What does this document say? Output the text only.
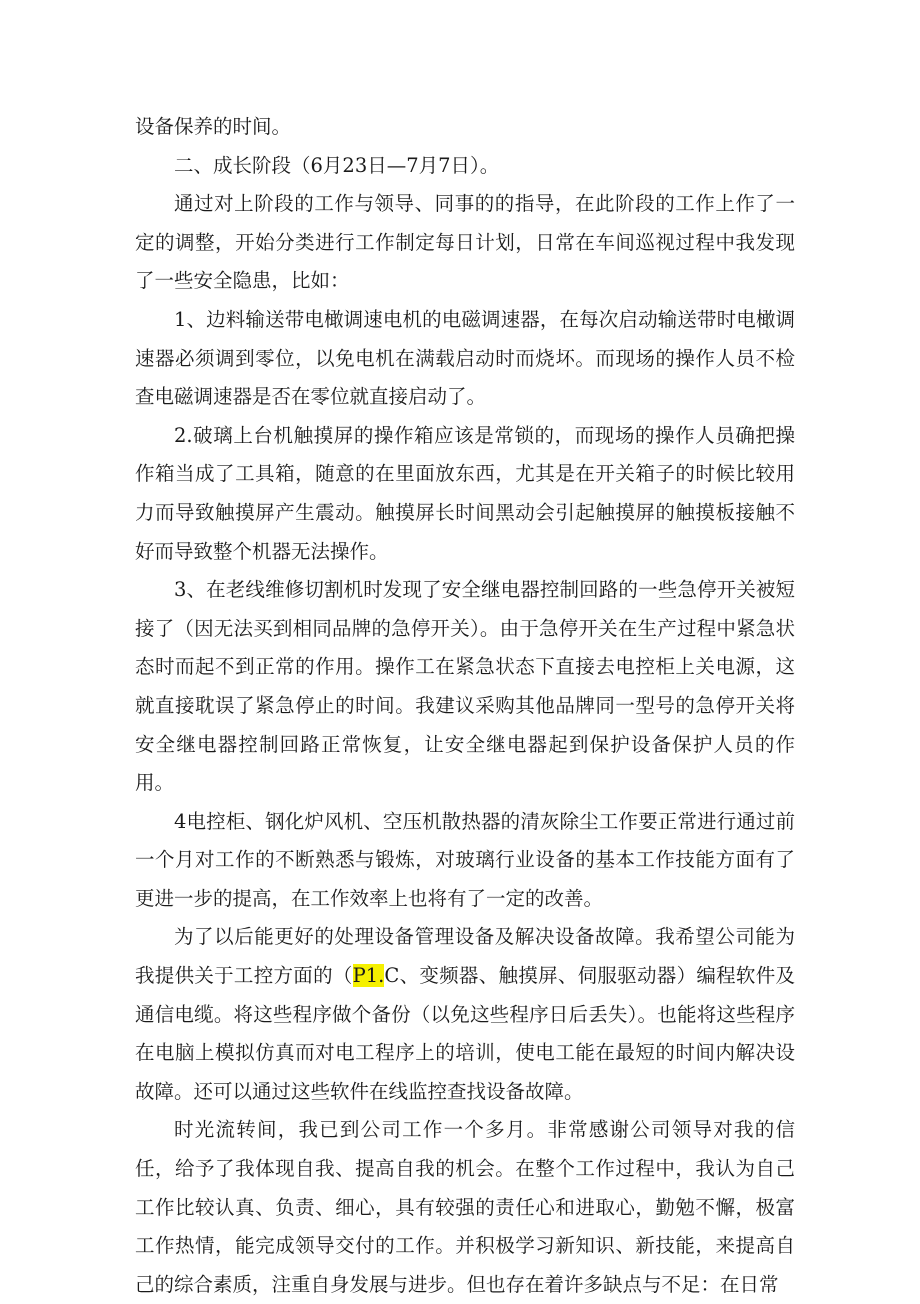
设备保养的时间。

二、成长阶段（6月23日—7月7日）。

通过对上阶段的工作与领导、同事的的指导，在此阶段的工作上作了一定的调整，开始分类进行工作制定每日计划，日常在车间巡视过程中我发现了一些安全隐患，比如：

1、边料输送带电橄调速电机的电磁调速器，在每次启动输送带时电橄调速器必须调到零位，以免电机在满载启动时而烧坏。而现场的操作人员不检查电磁调速器是否在零位就直接启动了。

2.破璃上台机触摸屏的操作箱应该是常锁的，而现场的操作人员确把操作箱当成了工具箱，随意的在里面放东西，尤其是在开关箱子的时候比较用力而导致触摸屏产生震动。触摸屏长时间黑动会引起触摸屏的触摸板接触不好而导致整个机器无法操作。

3、在老线维修切割机时发现了安全继电器控制回路的一些急停开关被短接了（因无法买到相同品牌的急停开关）。由于急停开关在生产过程中紧急状态时而起不到正常的作用。操作工在紧急状态下直接去电控柜上关电源，这就直接耽误了紧急停止的时间。我建议采购其他品牌同一型号的急停开关将安全继电器控制回路正常恢复，让安全继电器起到保护设备保护人员的作用。

4电控柜、钢化炉风机、空压机散热器的清灰除尘工作要正常进行通过前一个月对工作的不断熟悉与锻炼，对玻璃行业设备的基本工作技能方面有了更进一步的提高，在工作效率上也将有了一定的改善。

为了以后能更好的处理设备管理设备及解决设备故障。我希望公司能为我提供关于工控方面的（P1.C、变频器、触摸屏、伺服驱动器）编程软件及通信电缆。将这些程序做个备份（以免这些程序日后丢失）。也能将这些程序在电脑上模拟仿真而对电工程序上的培训，使电工能在最短的时间内解决设故障。还可以通过这些软件在线监控查找设备故障。

时光流转间，我已到公司工作一个多月。非常感谢公司领导对我的信任，给予了我体现自我、提高自我的机会。在整个工作过程中，我认为自己工作比较认真、负责、细心，具有较强的责任心和进取心，勤勉不懈，极富工作热情，能完成领导交付的工作。并积极学习新知识、新技能，来提高自己的综合素质，注重自身发展与进步。但也存在着许多缺点与不足：在日常
